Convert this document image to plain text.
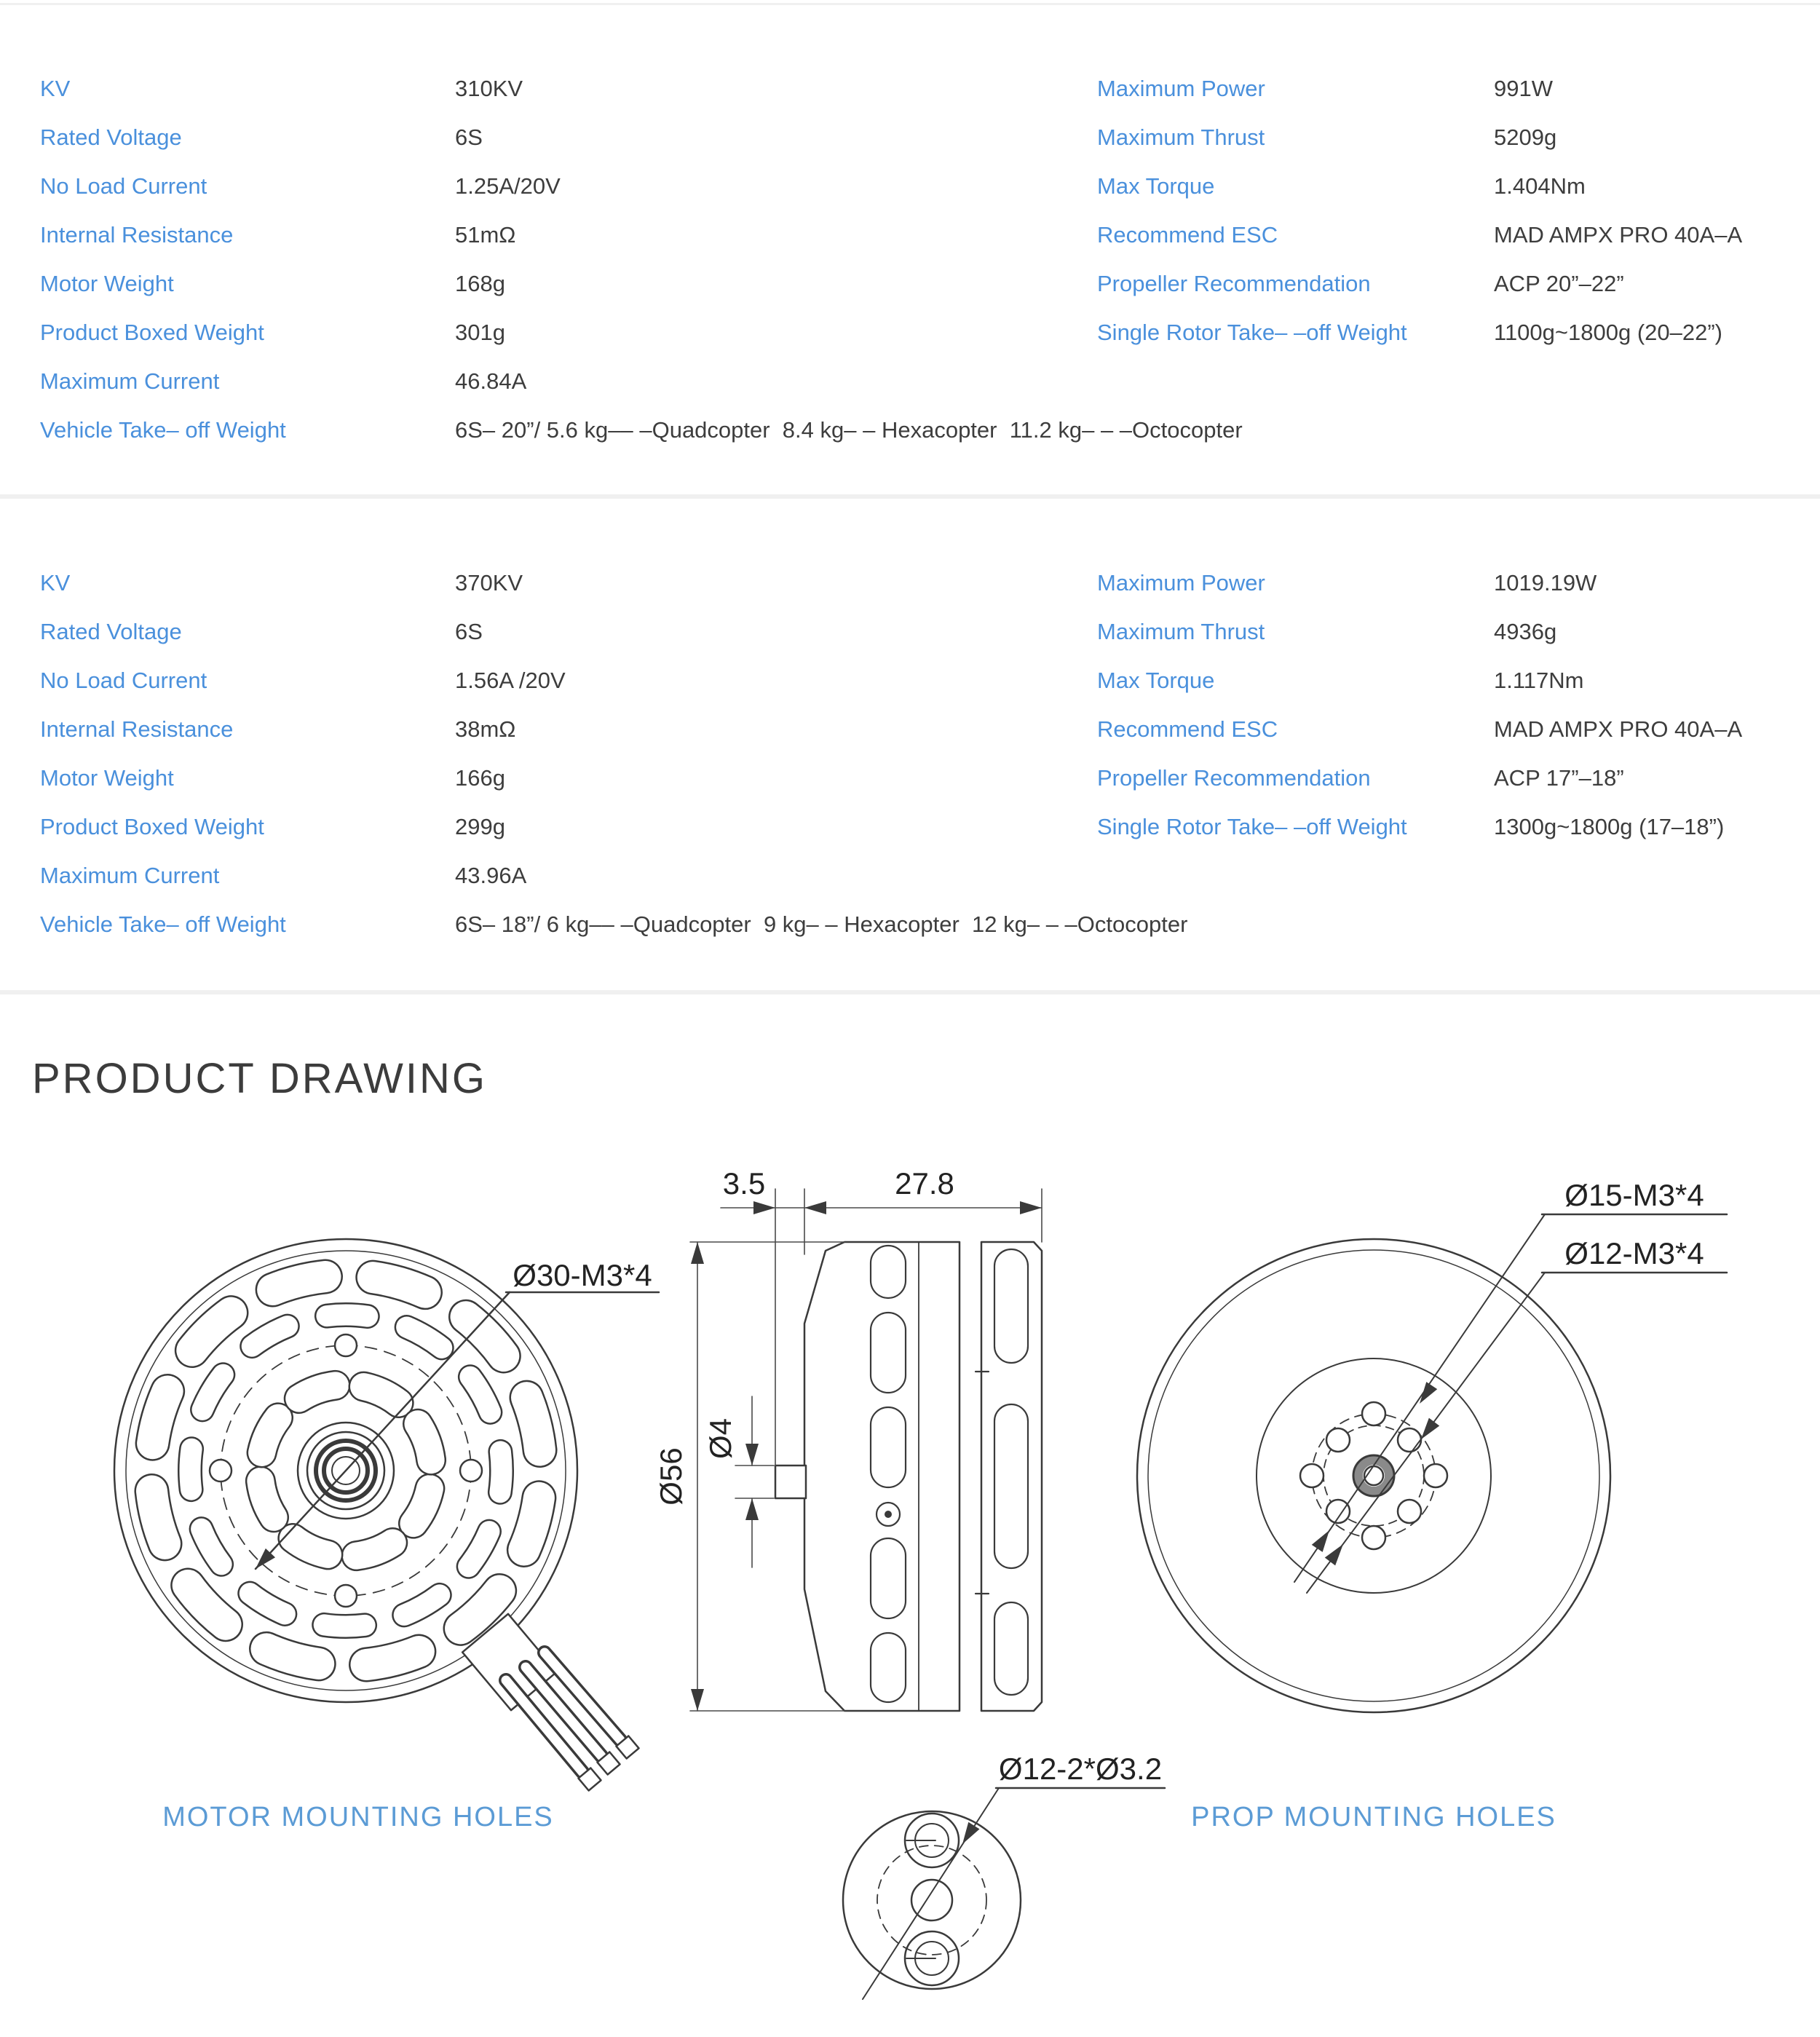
KV	310KV
Rated Voltage	6S
No Load Current	1.25A/20V
Internal Resistance	51mΩ
Motor Weight	168g
Product Boxed Weight	301g
Maximum Current	46.84A
Maximum Power	991W
Maximum Thrust	5209g
Max Torque	1.404Nm
Recommend ESC	MAD AMPX PRO 40A–A
Propeller Recommendation	ACP 20”–22”
Single Rotor Take– –off Weight	1100g~1800g (20–22”)
Vehicle Take– off Weight	6S– 20”/ 5.6 kg–– –Quadcopter  8.4 kg– – Hexacopter  11.2 kg– – –Octocopter
KV	370KV
Rated Voltage	6S
No Load Current	1.56A /20V
Internal Resistance	38mΩ
Motor Weight	166g
Product Boxed Weight	299g
Maximum Current	43.96A
Maximum Power	1019.19W
Maximum Thrust	4936g
Max Torque	1.117Nm
Recommend ESC	MAD AMPX PRO 40A–A
Propeller Recommendation	ACP 17”–18”
Single Rotor Take– –off Weight	1300g~1800g (17–18”)
Vehicle Take– off Weight	6S– 18”/ 6 kg–– –Quadcopter  9 kg– – Hexacopter  12 kg– – –Octocopter
PRODUCT DRAWING
Ø30-M3*4
3.5	27.8
Ø56
Ø4
Ø15-M3*4
Ø12-M3*4
Ø12-2*Ø3.2
MOTOR MOUNTING HOLES	PROP MOUNTING HOLES
